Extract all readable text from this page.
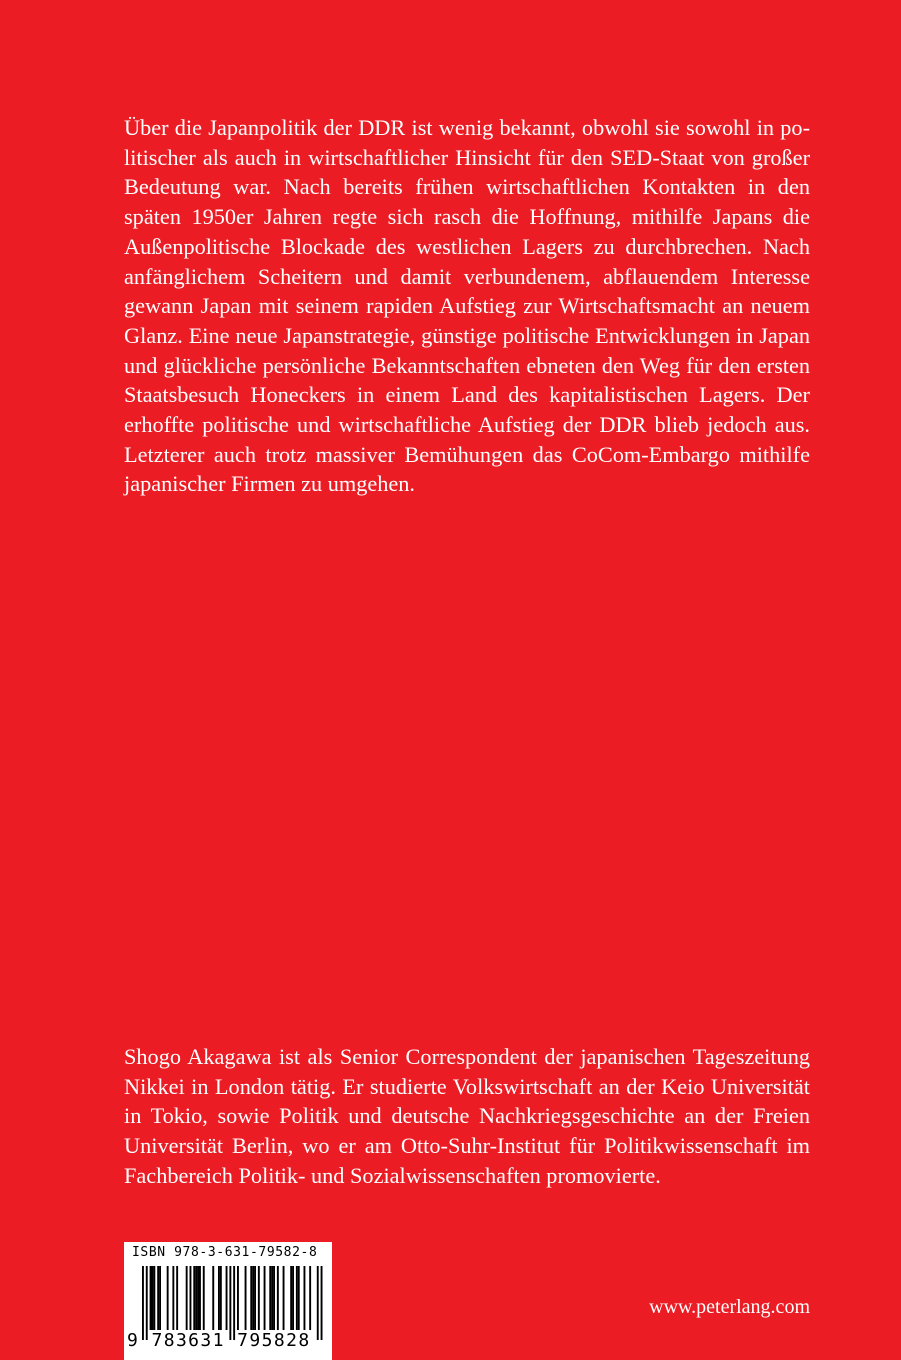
Über die Japanpolitik der DDR ist wenig bekannt, obwohl sie sowohl in politischer als auch in wirtschaftlicher Hinsicht für den SED-Staat von großer Bedeutung war. Nach bereits frühen wirtschaftlichen Kontakten in den späten 1950er Jahren regte sich rasch die Hoffnung, mithilfe Japans die Außenpolitische Blockade des westlichen Lagers zu durchbrechen. Nach anfänglichem Scheitern und damit verbundenem, abflauendem Interesse gewann Japan mit seinem rapiden Aufstieg zur Wirtschaftsmacht an neuem Glanz. Eine neue Japanstrategie, günstige politische Entwicklungen in Japan und glückliche persönliche Bekanntschaften ebneten den Weg für den ersten Staatsbesuch Honeckers in einem Land des kapitalistischen Lagers. Der erhoffte politische und wirtschaftliche Aufstieg der DDR blieb jedoch aus. Letzterer auch trotz massiver Bemühungen das CoCom-Embargo mithilfe japanischer Firmen zu umgehen.

Shogo Akagawa ist als Senior Correspondent der japanischen Tageszeitung Nikkei in London tätig. Er studierte Volkswirtschaft an der Keio Universität in Tokio, sowie Politik und deutsche Nachkriegsgeschichte an der Freien Universität Berlin, wo er am Otto-Suhr-Institut für Politikwissenschaft im Fachbereich Politik- und Sozialwissenschaften promovierte.

ISBN 978-3-631-79582-8
9 783631 795828
www.peterlang.com
